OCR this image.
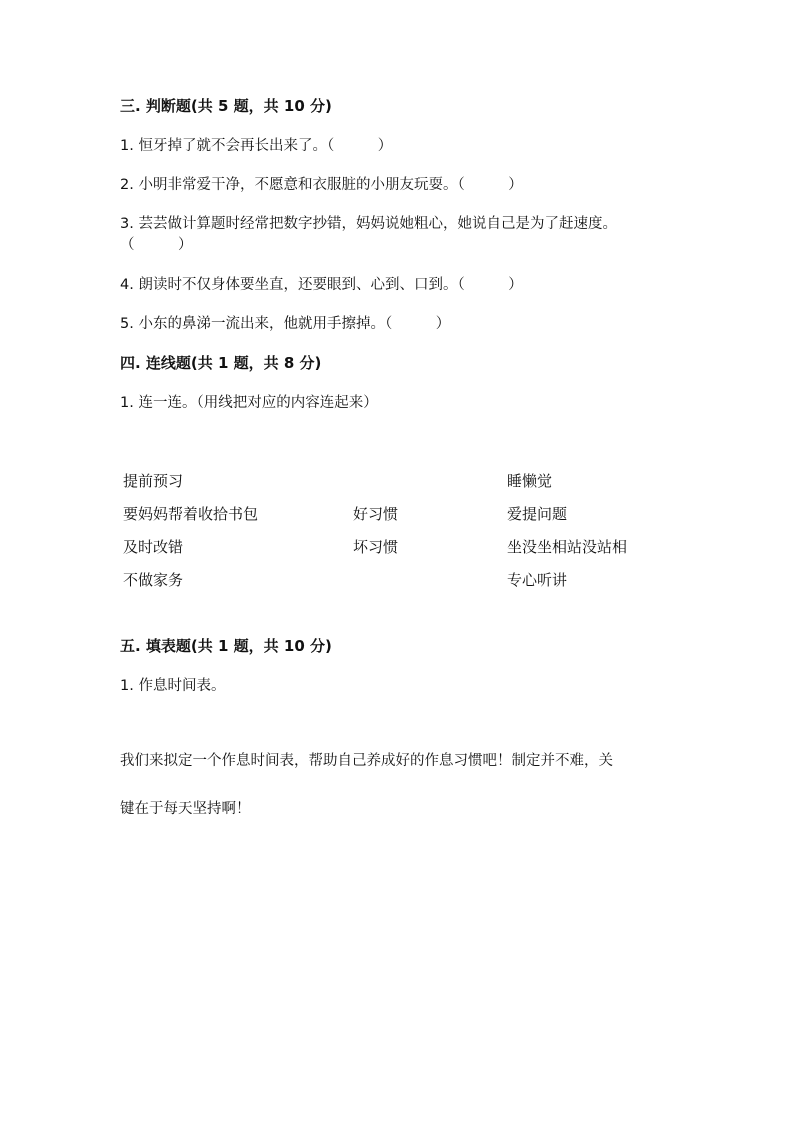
三. 判断题(共 5 题，共 10 分)
1. 恒牙掉了就不会再长出来了。（　　　）
2. 小明非常爱干净，不愿意和衣服脏的小朋友玩耍。（　　　）
3. 芸芸做计算题时经常把数字抄错，妈妈说她粗心，她说自己是为了赶速度。
（　　　）
4. 朗读时不仅身体要坐直，还要眼到、心到、口到。（　　　）
5. 小东的鼻涕一流出来，他就用手擦掉。（　　　）
四. 连线题(共 1 题，共 8 分)
1. 连一连。（用线把对应的内容连起来）
提前预习
要妈妈帮着收拾书包
及时改错
不做家务
好习惯
坏习惯
睡懒觉
爱提问题
坐没坐相站没站相
专心听讲
五. 填表题(共 1 题，共 10 分)
1. 作息时间表。
我们来拟定一个作息时间表，帮助自己养成好的作息习惯吧！制定并不难，关
键在于每天坚持啊！
